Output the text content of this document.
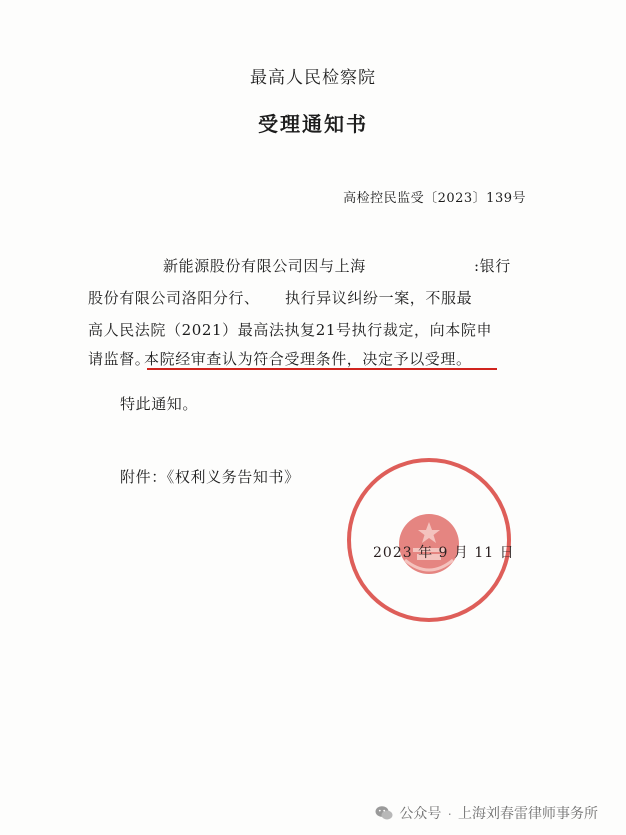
最高人民检察院
受理通知书
高检控民监受〔2023〕139号
新能源股份有限公司因与上海	:银行
股份有限公司洛阳分行、 执行异议纠纷一案，不服最
高人民法院（2021）最高法执复21号执行裁定，向本院申
请监督。
本院经审查认为符合受理条件，决定予以受理。
特此通知。
附件：《权利义务告知书》
2023 年 9 月 11 日
公众号 · 上海刘春雷律师事务所
